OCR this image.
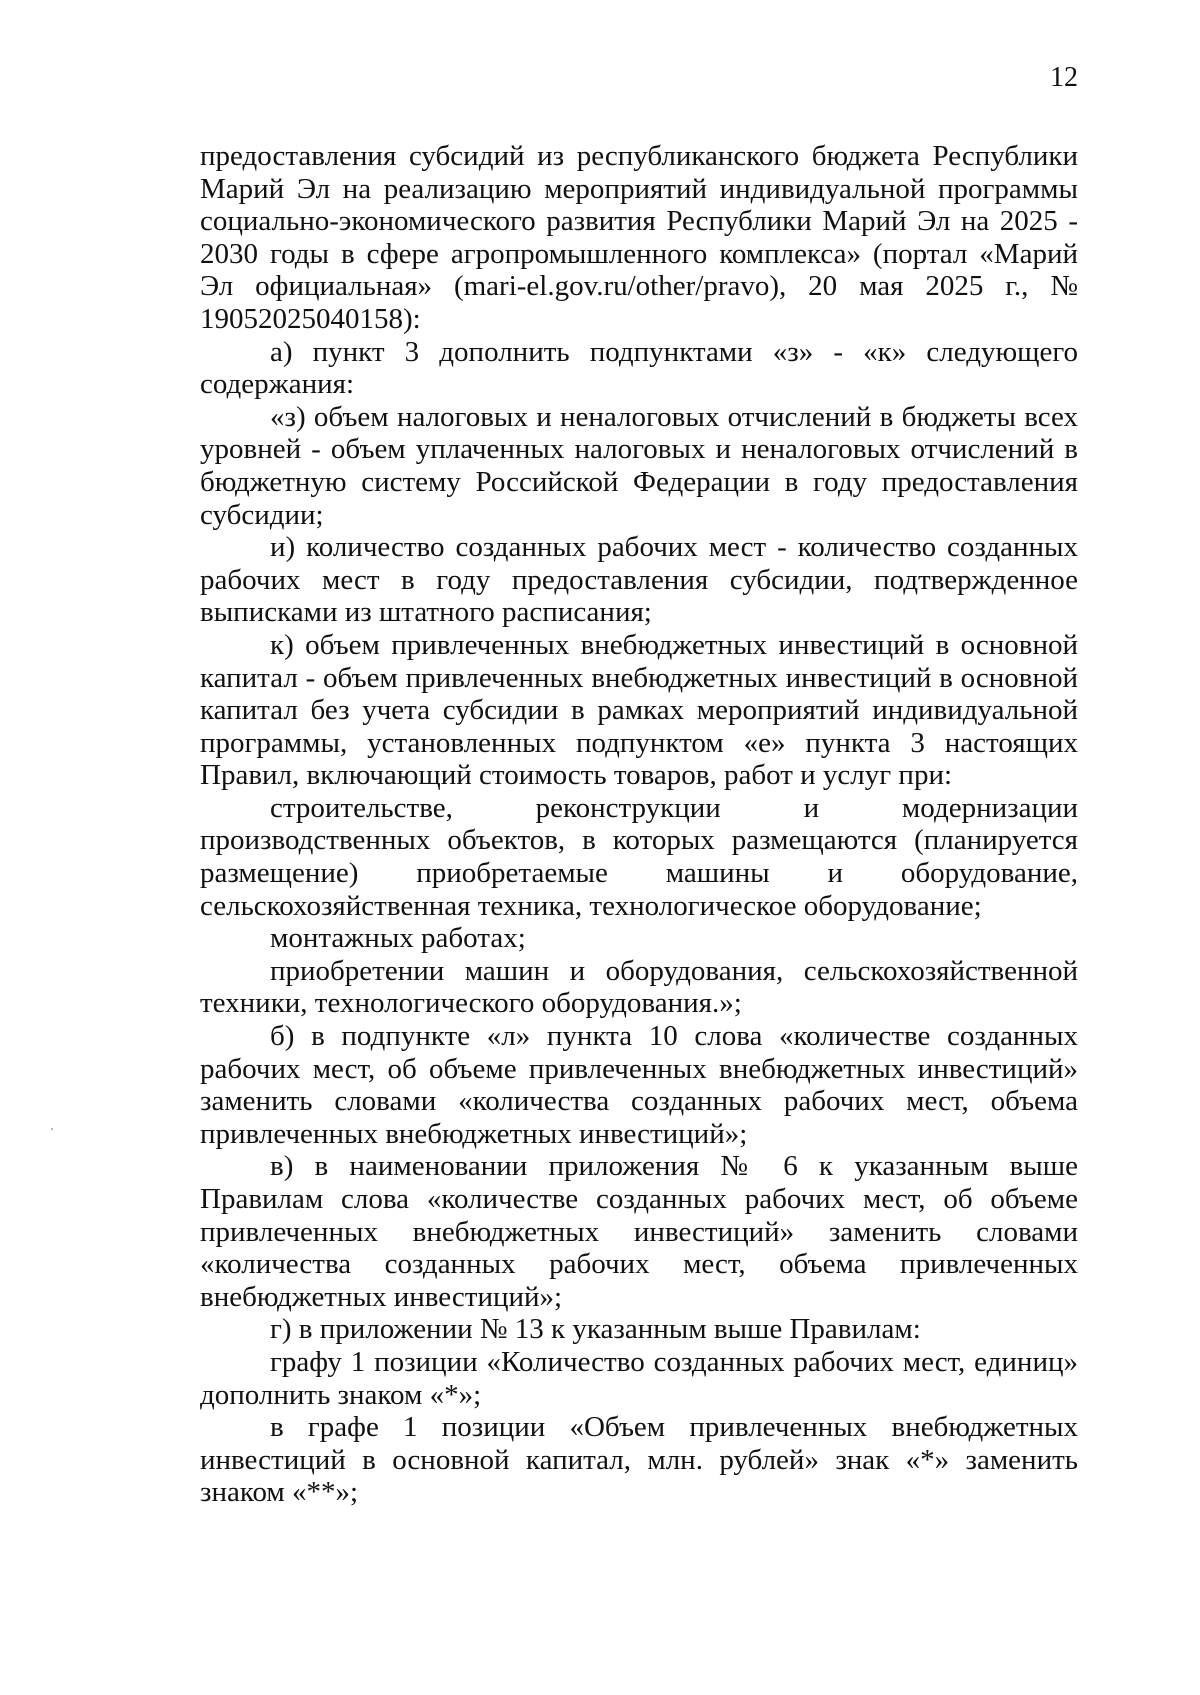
12

предоставления субсидий из республиканского бюджета Республики Марий Эл на реализацию мероприятий индивидуальной программы социально-экономического развития Республики Марий Эл на 2025 - 2030 годы в сфере агропромышленного комплекса» (портал «Марий Эл официальная» (mari-el.gov.ru/other/pravo), 20 мая 2025 г., № 19052025040158):

а) пункт 3 дополнить подпунктами «з» - «к» следующего содержания:

«з) объем налоговых и неналоговых отчислений в бюджеты всех уровней - объем уплаченных налоговых и неналоговых отчислений в бюджетную систему Российской Федерации в году предоставления субсидии;

и) количество созданных рабочих мест - количество созданных рабочих мест в году предоставления субсидии, подтвержденное выписками из штатного расписания;

к) объем привлеченных внебюджетных инвестиций в основной капитал - объем привлеченных внебюджетных инвестиций в основной капитал без учета субсидии в рамках мероприятий индивидуальной программы, установленных подпунктом «е» пункта 3 настоящих Правил, включающий стоимость товаров, работ и услуг при:

строительстве, реконструкции и модернизации производственных объектов, в которых размещаются (планируется размещение) приобретаемые машины и оборудование, сельскохозяйственная техника, технологическое оборудование;

монтажных работах;

приобретении машин и оборудования, сельскохозяйственной техники, технологического оборудования.»;

б) в подпункте «л» пункта 10 слова «количестве созданных рабочих мест, об объеме привлеченных внебюджетных инвестиций» заменить словами «количества созданных рабочих мест, объема привлеченных внебюджетных инвестиций»;

в) в наименовании приложения № 6 к указанным выше Правилам слова «количестве созданных рабочих мест, об объеме привлеченных внебюджетных инвестиций» заменить словами «количества созданных рабочих мест, объема привлеченных внебюджетных инвестиций»;

г) в приложении № 13 к указанным выше Правилам:

графу 1 позиции «Количество созданных рабочих мест, единиц» дополнить знаком «*»;

в графе 1 позиции «Объем привлеченных внебюджетных инвестиций в основной капитал, млн. рублей» знак «*» заменить знаком «**»;
